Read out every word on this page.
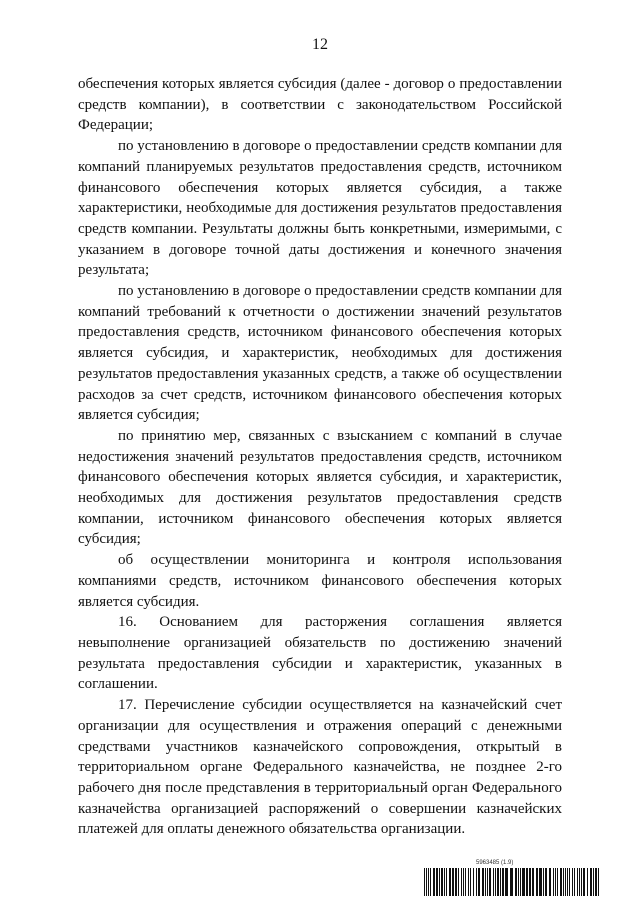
12

обеспечения которых является субсидия (далее - договор о предоставлении средств компании), в соответствии с законодательством Российской Федерации;

по установлению в договоре о предоставлении средств компании для компаний планируемых результатов предоставления средств, источником финансового обеспечения которых является субсидия, а также характеристики, необходимые для достижения результатов предоставления средств компании. Результаты должны быть конкретными, измеримыми, с указанием в договоре точной даты достижения и конечного значения результата;

по установлению в договоре о предоставлении средств компании для компаний требований к отчетности о достижении значений результатов предоставления средств, источником финансового обеспечения которых является субсидия, и характеристик, необходимых для достижения результатов предоставления указанных средств, а также об осуществлении расходов за счет средств, источником финансового обеспечения которых является субсидия;

по принятию мер, связанных с взысканием с компаний в случае недостижения значений результатов предоставления средств, источником финансового обеспечения которых является субсидия, и характеристик, необходимых для достижения результатов предоставления средств компании, источником финансового обеспечения которых является субсидия;

об осуществлении мониторинга и контроля использования компаниями средств, источником финансового обеспечения которых является субсидия.

16. Основанием для расторжения соглашения является невыполнение организацией обязательств по достижению значений результата предоставления субсидии и характеристик, указанных в соглашении.

17. Перечисление субсидии осуществляется на казначейский счет организации для осуществления и отражения операций с денежными средствами участников казначейского сопровождения, открытый в территориальном органе Федерального казначейства, не позднее 2-го рабочего дня после представления в территориальный орган Федерального казначейства организацией распоряжений о совершении казначейских платежей для оплаты денежного обязательства организации.

5963485 (1.9)
